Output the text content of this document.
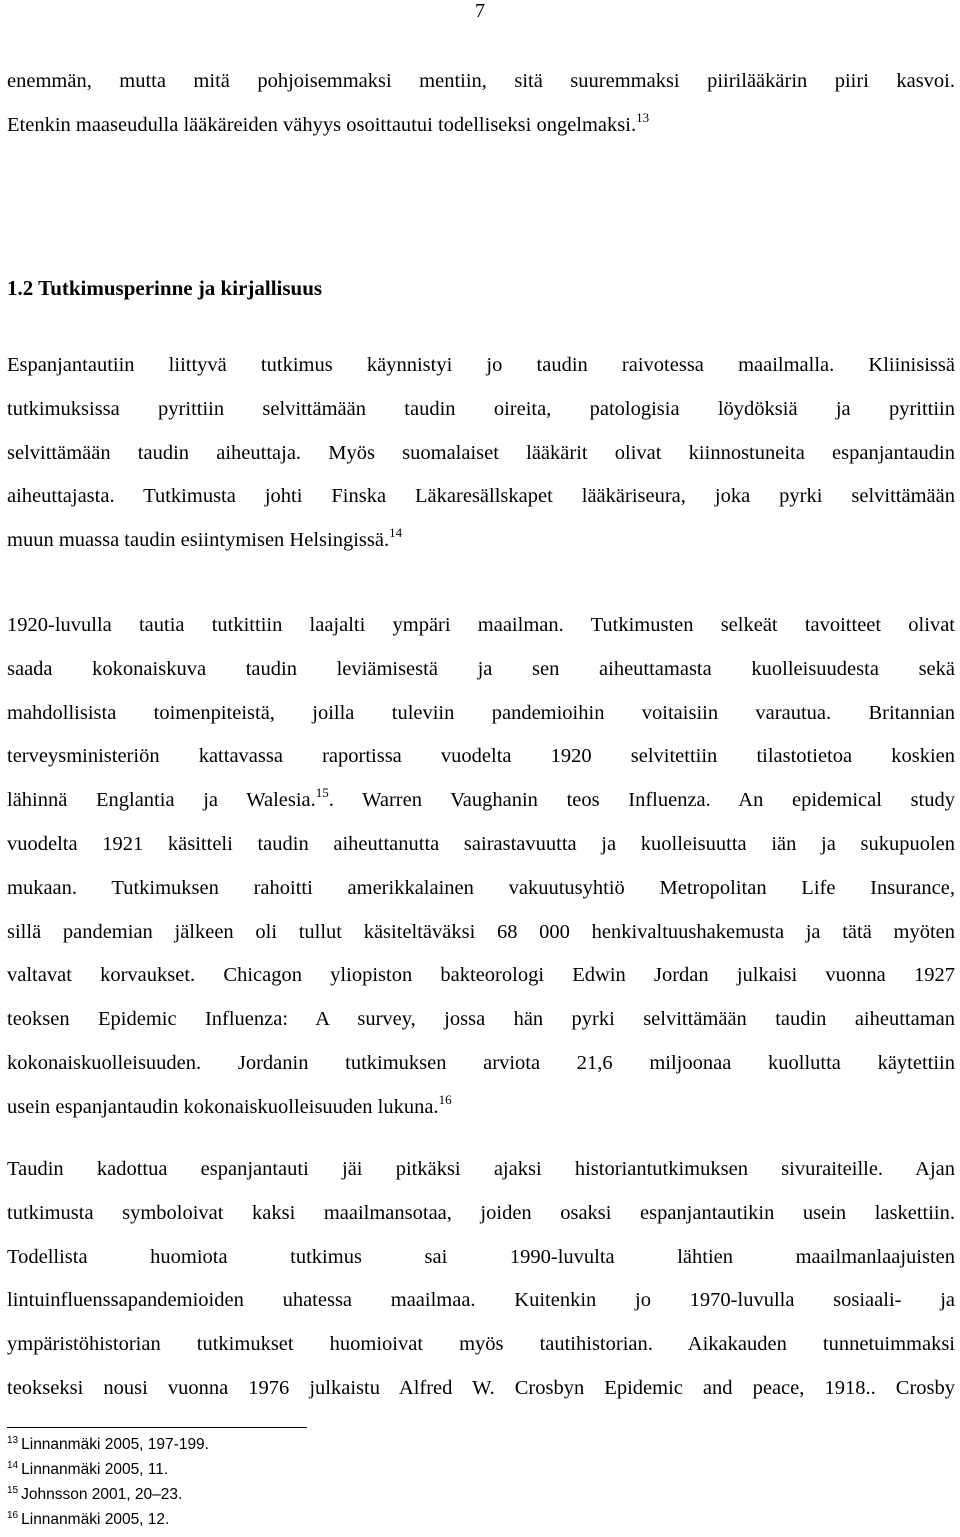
7
enemmän, mutta mitä pohjoisemmaksi mentiin, sitä suuremmaksi piirilääkärin piiri kasvoi.
Etenkin maaseudulla lääkäreiden vähyys osoittautui todelliseksi ongelmaksi.$^{13}$
1.2 Tutkimusperinne ja kirjallisuus
Espanjantautiin liittyvä tutkimus käynnistyi jo taudin raivotessa maailmalla. Kliinisissä
tutkimuksissa pyrittiin selvittämään taudin oireita, patologisia löydöksiä ja pyrittiin
selvittämään taudin aiheuttaja. Myös suomalaiset lääkärit olivat kiinnostuneita espanjantaudin
aiheuttajasta. Tutkimusta johti Finska Läkaresällskapet lääkäriseura, joka pyrki selvittämään
muun muassa taudin esiintymisen Helsingissä.$^{14}$
1920-luvulla tautia tutkittiin laajalti ympäri maailman. Tutkimusten selkeät tavoitteet olivat
saada kokonaiskuva taudin leviämisestä ja sen aiheuttamasta kuolleisuudesta sekä
mahdollisista toimenpiteistä, joilla tuleviin pandemioihin voitaisiin varautua. Britannian
terveysministeriön kattavassa raportissa vuodelta 1920 selvitettiin tilastotietoa koskien
lähinnä Englantia ja Walesia.$^{15}$. Warren Vaughanin teos Influenza. An epidemical study
vuodelta 1921 käsitteli taudin aiheuttanutta sairastavuutta ja kuolleisuutta iän ja sukupuolen
mukaan. Tutkimuksen rahoitti amerikkalainen vakuutusyhtiö Metropolitan Life Insurance,
sillä pandemian jälkeen oli tullut käsiteltäväksi 68 000 henkivaltuushakemusta ja tätä myöten
valtavat korvaukset. Chicagon yliopiston bakteorologi Edwin Jordan julkaisi vuonna 1927
teoksen Epidemic Influenza: A survey, jossa hän pyrki selvittämään taudin aiheuttaman
kokonaiskuolleisuuden. Jordanin tutkimuksen arviota 21,6 miljoonaa kuollutta käytettiin
usein espanjantaudin kokonaiskuolleisuuden lukuna.$^{16}$
Taudin kadottua espanjantauti jäi pitkäksi ajaksi historiantutkimuksen sivuraiteille. Ajan
tutkimusta symboloivat kaksi maailmansotaa, joiden osaksi espanjantautikin usein laskettiin.
Todellista huomiota tutkimus sai 1990-luvulta lähtien maailmanlaajuisten
lintuinfluenssapandemioiden uhatessa maailmaa. Kuitenkin jo 1970-luvulla sosiaali- ja
ympäristöhistorian tutkimukset huomioivat myös tautihistorian. Aikakauden tunnetuimmaksi
teokseksi nousi vuonna 1976 julkaistu Alfred W. Crosbyn Epidemic and peace, 1918.. Crosby
$^{13}$ Linnanmäki 2005, 197-199.
$^{14}$ Linnanmäki 2005, 11.
$^{15}$ Johnsson 2001, 20–23.
$^{16}$ Linnanmäki 2005, 12.
